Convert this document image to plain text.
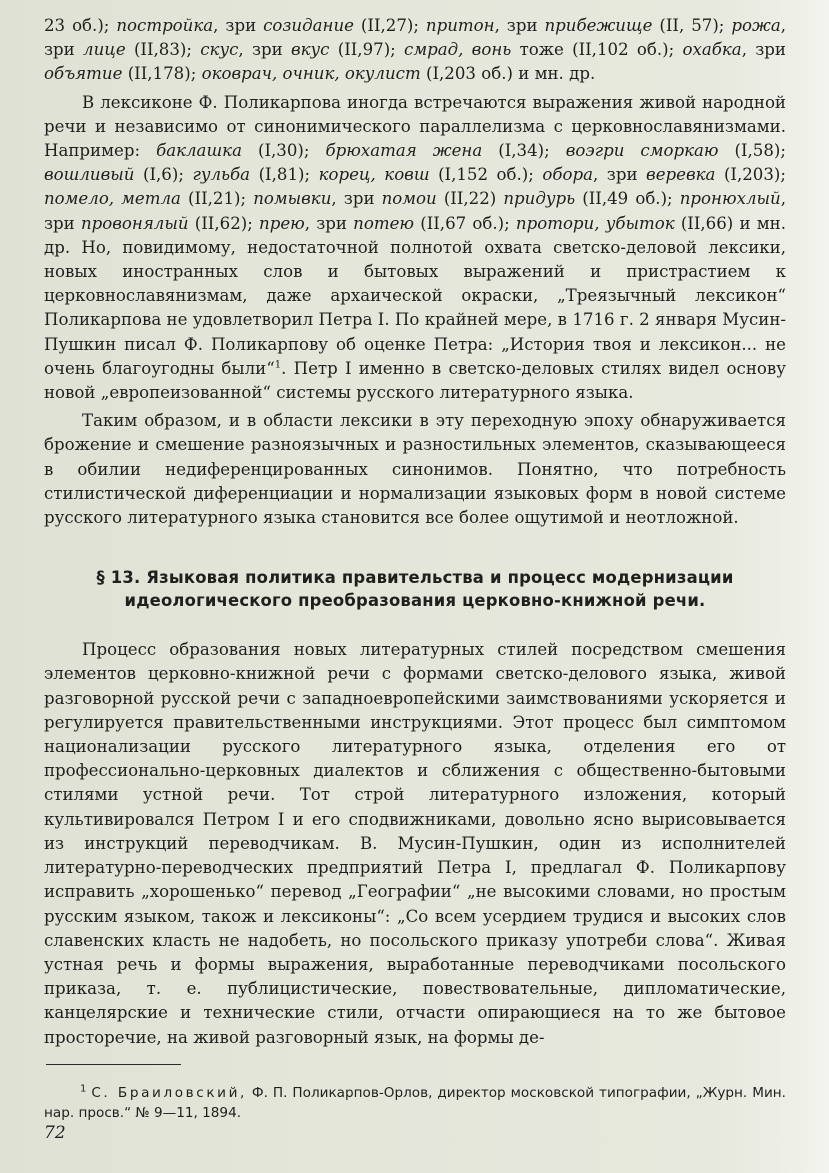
23 об.); постройка, зри созидание (II,27); притон, зри прибежище (II, 57); рожа, зри лице (II,83); скус, зри вкус (II,97); смрад, вонь тоже (II,102 об.); охабка, зри объятие (II,178); оковрач, очник, окулист (I,203 об.) и мн. др.

В лексиконе Ф. Поликарпова иногда встречаются выражения живой народной речи и независимо от синонимического параллелизма с церковнославянизмами. Например: баклашка (I,30); брюхатая жена (I,34); воэгри сморкаю (I,58); вошливый (I,6); гульба (I,81); корец, ковш (I,152 об.); обора, зри веревка (I,203); помело, метла (II,21); помывки, зри помои (II,22) придурь (II,49 об.); пронюхлый, зри провонялый (II,62); прею, зри потею (II,67 об.); протори, убыток (II,66) и мн. др. Но, повидимому, недостаточной полнотой охвата светско-деловой лексики, новых иностранных слов и бытовых выражений и пристрастием к церковнославянизмам, даже архаической окраски, „Треязычный лексикон“ Поликарпова не удовлетворил Петра I. По крайней мере, в 1716 г. 2 января Мусин-Пушкин писал Ф. Поликарпову об оценке Петра: „История твоя и лексикон... не очень благоугодны были“$^1$. Петр I именно в светско-деловых стилях видел основу новой „европеизованной“ системы русского литературного языка.

Таким образом, и в области лексики в эту переходную эпоху обнаруживается брожение и смешение разноязычных и разностильных элементов, сказывающееся в обилии недиференцированных синонимов. Понятно, что потребность стилистической диференциации и нормализации языковых форм в новой системе русского литературного языка становится все более ощутимой и неотложной.

§ 13. Языковая политика правительства и процесс модернизации
идеологического преобразования церковно-книжной речи.

Процесс образования новых литературных стилей посредством смешения элементов церковно-книжной речи с формами светско-делового языка, живой разговорной русской речи с западноевропейскими заимствованиями ускоряется и регулируется правительственными инструкциями. Этот процесс был симптомом национализации русского литературного языка, отделения его от профессионально-церковных диалектов и сближения с общественно-бытовыми стилями устной речи. Тот строй литературного изложения, который культивировался Петром I и его сподвижниками, довольно ясно вырисовывается из инструкций переводчикам. В. Мусин-Пушкин, один из исполнителей литературно-переводческих предприятий Петра I, предлагал Ф. Поликарпову исправить „хорошенько“ перевод „Географии“ „не высокими словами, но простым русским языком, також и лексиконы“: „Со всем усердием трудися и высоких слов славенских класть не надобеть, но посольского приказу употреби слова“. Живая устная речь и формы выражения, выработанные переводчиками посольского приказа, т. е. публицистические, повествовательные, дипломатические, канцелярские и технические стили, отчасти опирающиеся на то же бытовое просторечие, на живой разговорный язык, на формы де-

$^1$ С. Браиловский, Ф. П. Поликарпов-Орлов, директор московской типографии, „Журн. Мин. нар. просв.“ № 9—11, 1894.
72
